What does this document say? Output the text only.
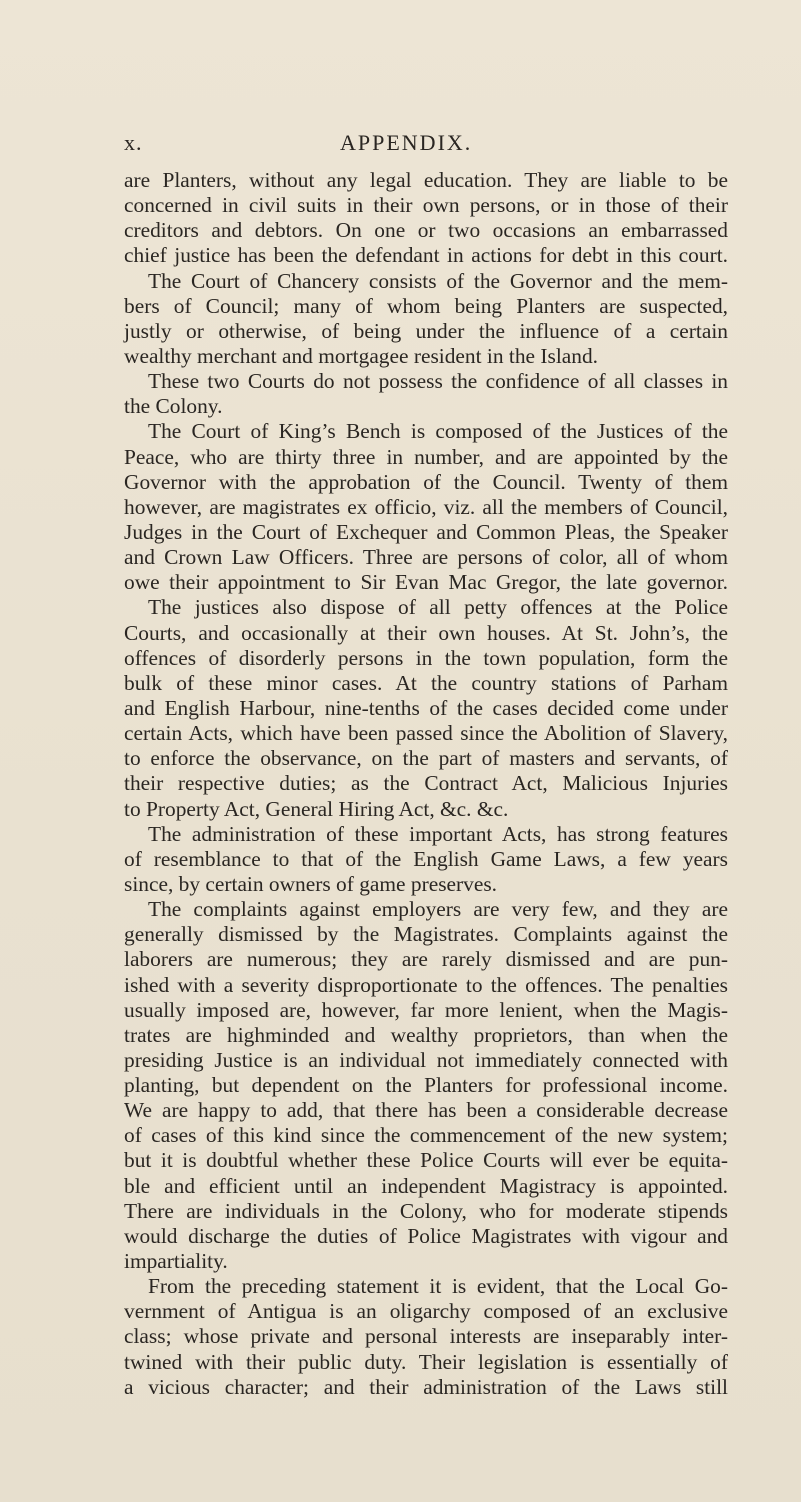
x.	APPENDIX.
are Planters, without any legal education. They are liable to be
concerned in civil suits in their own persons, or in those of their
creditors and debtors. On one or two occasions an embarrassed
chief justice has been the defendant in actions for debt in this court.
The Court of Chancery consists of the Governor and the mem-
bers of Council; many of whom being Planters are suspected,
justly or otherwise, of being under the influence of a certain
wealthy merchant and mortgagee resident in the Island.
These two Courts do not possess the confidence of all classes in
the Colony.
The Court of King’s Bench is composed of the Justices of the
Peace, who are thirty three in number, and are appointed by the
Governor with the approbation of the Council. Twenty of them
however, are magistrates ex officio, viz. all the members of Council,
Judges in the Court of Exchequer and Common Pleas, the Speaker
and Crown Law Officers. Three are persons of color, all of whom
owe their appointment to Sir Evan Mac Gregor, the late governor.
The justices also dispose of all petty offences at the Police
Courts, and occasionally at their own houses. At St. John’s, the
offences of disorderly persons in the town population, form the
bulk of these minor cases. At the country stations of Parham
and English Harbour, nine-tenths of the cases decided come under
certain Acts, which have been passed since the Abolition of Slavery,
to enforce the observance, on the part of masters and servants, of
their respective duties; as the Contract Act, Malicious Injuries
to Property Act, General Hiring Act, &c. &c.
The administration of these important Acts, has strong features
of resemblance to that of the English Game Laws, a few years
since, by certain owners of game preserves.
The complaints against employers are very few, and they are
generally dismissed by the Magistrates. Complaints against the
laborers are numerous; they are rarely dismissed and are pun-
ished with a severity disproportionate to the offences. The penalties
usually imposed are, however, far more lenient, when the Magis-
trates are highminded and wealthy proprietors, than when the
presiding Justice is an individual not immediately connected with
planting, but dependent on the Planters for professional income.
We are happy to add, that there has been a considerable decrease
of cases of this kind since the commencement of the new system;
but it is doubtful whether these Police Courts will ever be equita-
ble and efficient until an independent Magistracy is appointed.
There are individuals in the Colony, who for moderate stipends
would discharge the duties of Police Magistrates with vigour and
impartiality.
From the preceding statement it is evident, that the Local Go-
vernment of Antigua is an oligarchy composed of an exclusive
class; whose private and personal interests are inseparably inter-
twined with their public duty. Their legislation is essentially of
a vicious character; and their administration of the Laws still
